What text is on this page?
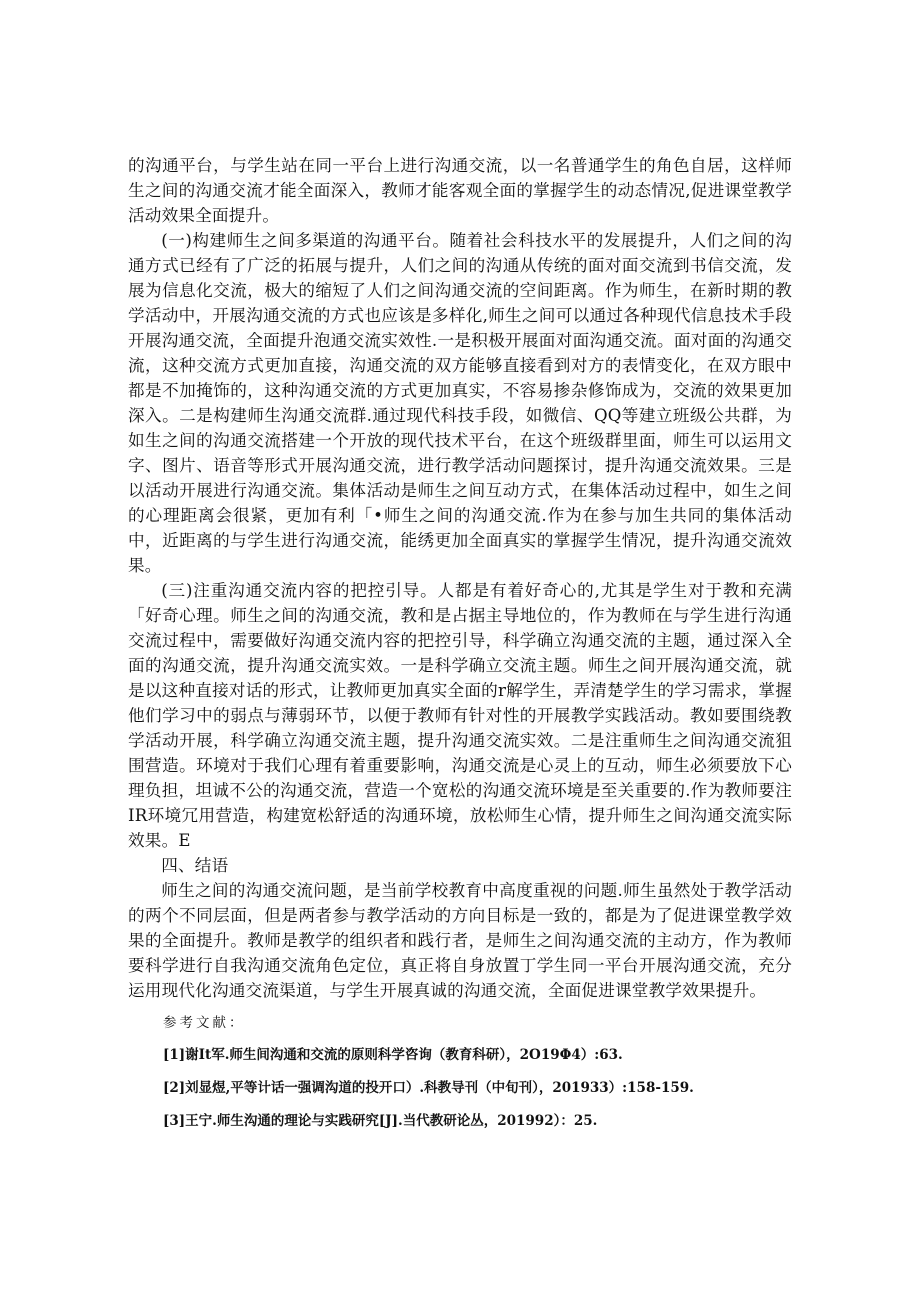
的沟通平台，与学生站在同一平台上进行沟通交流，以一名普通学生的角色自居，这样师生之间的沟通交流才能全面深入，教师才能客观全面的掌握学生的动态情况,促进课堂教学活动效果全面提升。

(一)构建师生之间多渠道的沟通平台。随着社会科技水平的发展提升，人们之间的沟通方式已经有了广泛的拓展与提升，人们之间的沟通从传统的面对面交流到书信交流，发展为信息化交流，极大的缩短了人们之间沟通交流的空间距离。作为师生，在新时期的教学活动中，开展沟通交流的方式也应该是多样化,师生之间可以通过各种现代信息技术手段开展沟通交流，全面提升泡通交流实效性.一是积极开展面对面沟通交流。面对面的沟通交流，这种交流方式更加直接，沟通交流的双方能够直接看到对方的表情变化，在双方眼中都是不加掩饰的，这种沟通交流的方式更加真实，不容易掺杂修饰成为，交流的效果更加深入。二是构建师生沟通交流群.通过现代科技手段，如微信、QQ等建立班级公共群，为如生之间的沟通交流搭建一个开放的现代技术平台，在这个班级群里面，师生可以运用文字、图片、语音等形式开展沟通交流，进行教学活动问题探讨，提升沟通交流效果。三是以活动开展进行沟通交流。集体活动是师生之间互动方式，在集体活动过程中，如生之间的心理距离会很紧，更加有利「•师生之间的沟通交流.作为在参与加生共同的集体活动中，近距离的与学生进行沟通交流，能绣更加全面真实的掌握学生情况，提升沟通交流效果。

(三)注重沟通交流内容的把控引导。人都是有着好奇心的,尤其是学生对于教和充满「好奇心理。师生之间的沟通交流，教和是占据主导地位的，作为教师在与学生进行沟通交流过程中，需要做好沟通交流内容的把控引导，科学确立沟通交流的主题，通过深入全面的沟通交流，提升沟通交流实效。一是科学确立交流主题。师生之间开展沟通交流，就是以这种直接对话的形式，让教师更加真实全面的r解学生，弄清楚学生的学习需求，掌握他们学习中的弱点与薄弱环节，以便于教师有针对性的开展教学实践活动。教如要围绕教学活动开展，科学确立沟通交流主题，提升沟通交流实效。二是注重师生之间沟通交流狙围营造。环境对于我们心理有着重要影响，沟通交流是心灵上的互动，师生必须要放下心理负担，坦诚不公的沟通交流，营造一个宽松的沟通交流环境是至关重要的.作为教师要注IR环境冗用营造，构建宽松舒适的沟通环境，放松师生心情，提升师生之间沟通交流实际效果。E

四、结语

师生之间的沟通交流问题，是当前学校教育中高度重视的问题.师生虽然处于教学活动的两个不同层面，但是两者参与教学活动的方向目标是一致的，都是为了促进课堂教学效果的全面提升。教师是教学的组织者和践行者，是师生之间沟通交流的主动方，作为教师要科学进行自我沟通交流角色定位，真正将自身放置丁学生同一平台开展沟通交流，充分运用现代化沟通交流渠道，与学生开展真诚的沟通交流，全面促进课堂教学效果提升。

参考文献：
[1]谢It军.师生间沟通和交流的原则科学咨询（教育科研），2O19Φ4）:63.
[2]刘显煜,平等计话一强调沟道的投开口）.科教导刊（中旬刊），201933）:158-159.
[3]王宁.师生沟通的理论与实践研究[J].当代教研论丛，201992）：25.
